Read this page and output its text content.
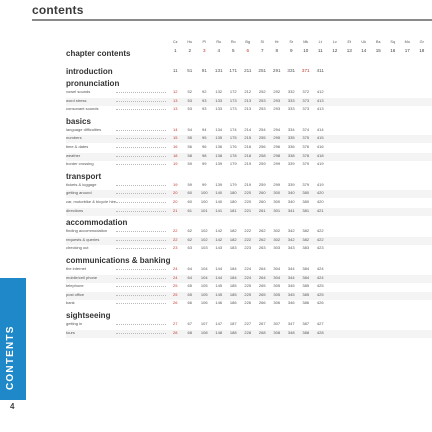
contents
CONTENTS
4
Cz	Hu	Pl	Ru	Ro	Bg	Sl	Hr	Sr	Mk	Lt	Lv	Et	Uk	Bs	Sq	Mo	Gr
chapter contents	1	2	3	4	5	6	7	8	9	10	11	12	13	14	15	16	17	18
introduction	11	51	91	131	171	211	251	291	331	371	411
pronunciation
vowel sounds	12	52	92	132	172	212	252	292	332	372	412
word stress	13	53	93	133	173	213	253	293	333	373	413
consonant sounds	13	53	93	133	173	213	253	293	333	373	413
basics
language difficulties	14	54	94	134	174	214	254	294	334	374	414
numbers	15	55	95	135	175	215	255	295	335	375	415
time & dates	16	56	96	136	176	216	256	296	336	376	416
weather	18	58	98	138	178	218	258	298	338	378	418
border crossing	19	59	99	139	179	219	259	299	339	379	419
transport
tickets & luggage	19	59	99	139	179	219	259	299	339	379	419
getting around	20	60	100	140	180	220	260	300	340	380	420
car, motorbike & bicycle hire	20	60	100	140	180	220	260	300	340	380	420
directions	21	61	101	141	181	221	261	301	341	381	421
accommodation
finding accommodation	22	62	102	142	182	222	262	302	342	382	422
requests & queries	22	62	102	142	182	222	262	302	342	382	422
checking out	23	63	103	143	183	223	263	303	343	383	423
communications & banking
the internet	24	64	104	144	184	224	264	304	344	384	424
mobile/cell phone	24	64	104	144	184	224	264	304	344	384	424
telephone	25	65	105	145	185	225	265	305	345	385	425
post office	25	65	105	145	185	225	265	305	345	385	425
bank	26	66	106	146	186	226	266	306	346	386	426
sightseeing
getting in	27	67	107	147	187	227	267	307	347	387	427
tours	28	68	108	148	188	228	268	308	348	388	428
